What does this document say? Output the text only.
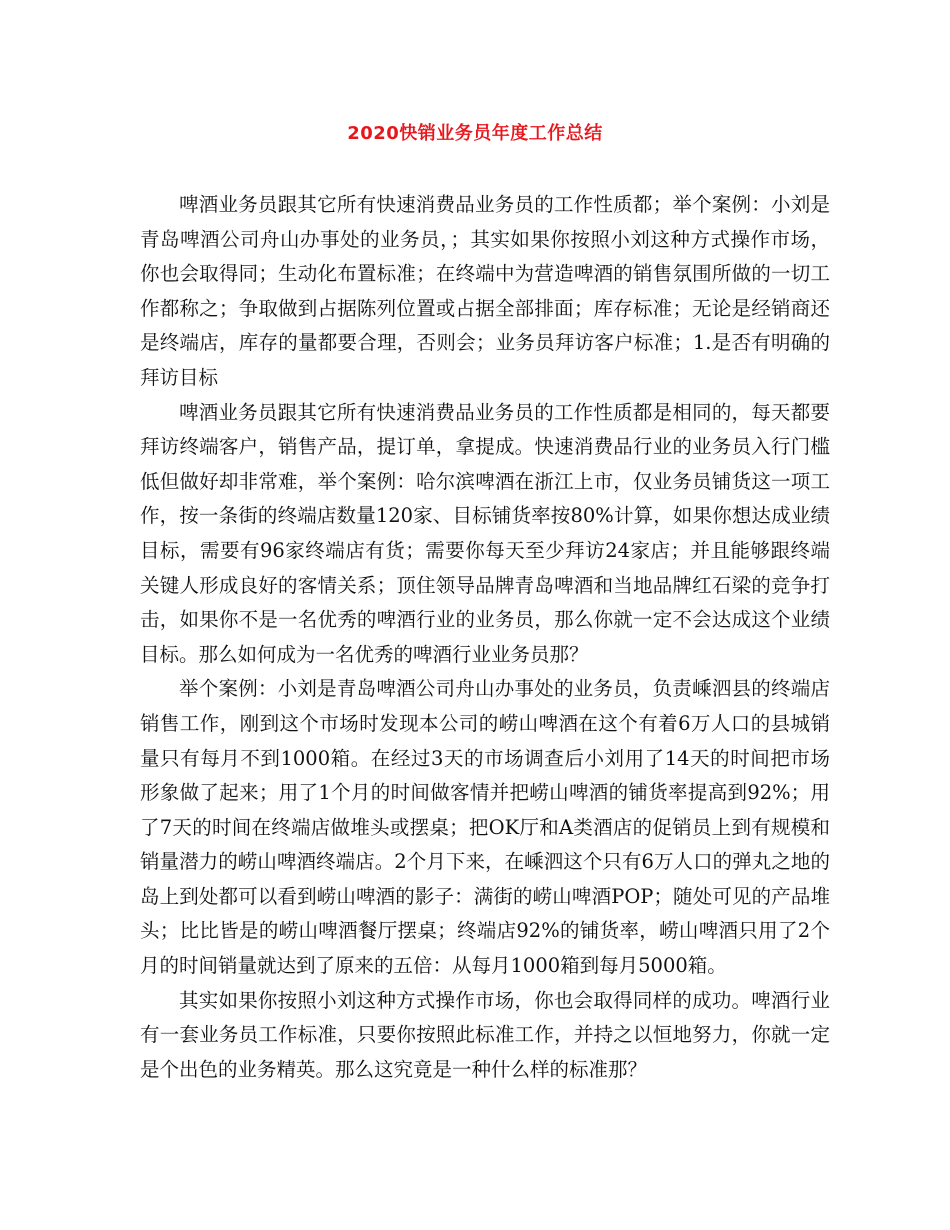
2020快销业务员年度工作总结

啤酒业务员跟其它所有快速消费品业务员的工作性质都；举个案例：小刘是青岛啤酒公司舟山办事处的业务员，；其实如果你按照小刘这种方式操作市场，你也会取得同；生动化布置标准；在终端中为营造啤酒的销售氛围所做的一切工作都称之；争取做到占据陈列位置或占据全部排面；库存标准；无论是经销商还是终端店，库存的量都要合理，否则会；业务员拜访客户标准；1.是否有明确的拜访目标

啤酒业务员跟其它所有快速消费品业务员的工作性质都是相同的，每天都要拜访终端客户，销售产品，提订单，拿提成。快速消费品行业的业务员入行门槛低但做好却非常难，举个案例：哈尔滨啤酒在浙江上市，仅业务员铺货这一项工作，按一条街的终端店数量120家、目标铺货率按80%计算，如果你想达成业绩目标，需要有96家终端店有货；需要你每天至少拜访24家店；并且能够跟终端关键人形成良好的客情关系；顶住领导品牌青岛啤酒和当地品牌红石梁的竞争打击，如果你不是一名优秀的啤酒行业的业务员，那么你就一定不会达成这个业绩目标。那么如何成为一名优秀的啤酒行业业务员那？

举个案例：小刘是青岛啤酒公司舟山办事处的业务员，负责嵊泗县的终端店销售工作，刚到这个市场时发现本公司的崂山啤酒在这个有着6万人口的县城销量只有每月不到1000箱。在经过3天的市场调查后小刘用了14天的时间把市场形象做了起来；用了1个月的时间做客情并把崂山啤酒的铺货率提高到92%；用了7天的时间在终端店做堆头或摆桌；把OK厅和A类酒店的促销员上到有规模和销量潜力的崂山啤酒终端店。2个月下来，在嵊泗这个只有6万人口的弹丸之地的岛上到处都可以看到崂山啤酒的影子：满街的崂山啤酒POP；随处可见的产品堆头；比比皆是的崂山啤酒餐厅摆桌；终端店92%的铺货率，崂山啤酒只用了2个月的时间销量就达到了原来的五倍：从每月1000箱到每月5000箱。

其实如果你按照小刘这种方式操作市场，你也会取得同样的成功。啤酒行业有一套业务员工作标准，只要你按照此标准工作，并持之以恒地努力，你就一定是个出色的业务精英。那么这究竟是一种什么样的标准那？
